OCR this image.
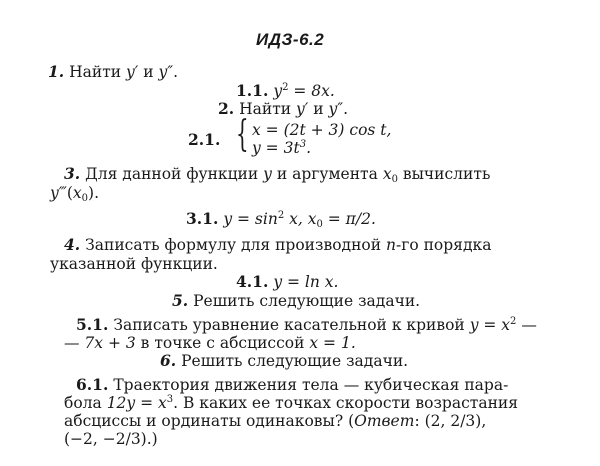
ИДЗ-6.2
1. Найти y′ и y″.
1.1. $y^2 = 8x$.
2. Найти y′ и y″.
2.1. { x = (2t + 3) cos t,
$y = 3t^3$.
3. Для данной функции y и аргумента $x_0$ вычислить
$y‴(x_0)$.
3.1. $y = \sin^2 x$, $x_0 = \pi/2$.
4. Записать формулу для производной n-го порядка
указанной функции.
4.1. y = ln x.
5. Решить следующие задачи.
5.1. Записать уравнение касательной к кривой $y = x^2$ —
— 7x + 3 в точке с абсциссой x = 1.
6. Решить следующие задачи.
6.1. Траектория движения тела — кубическая пара-
бола $12y = x^3$. В каких ее точках скорости возрастания
абсциссы и ординаты одинаковы? (Ответ: (2, 2/3),
(−2, −2/3).)
